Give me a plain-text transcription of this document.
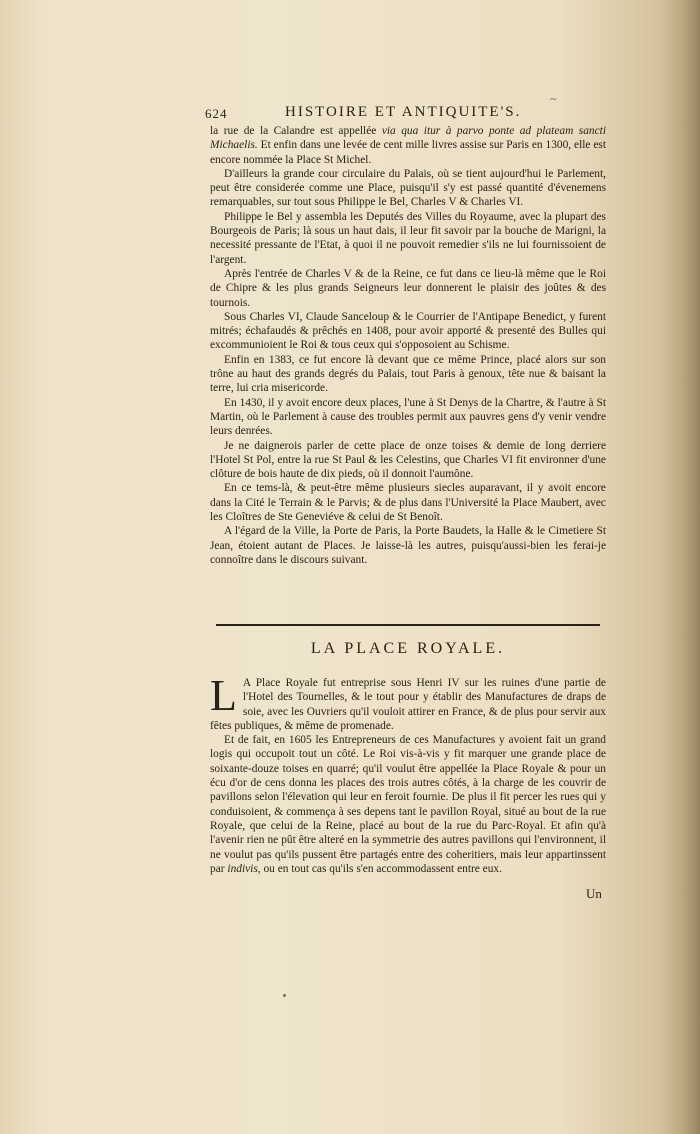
624	HISTOIRE ET ANTIQUITE'S.
~

la rue de la Calandre est appellée via qua itur à parvo ponte ad plateam sancti Michaelis. Et enfin dans une levée de cent mille livres assise sur Paris en 1300, elle est encore nommée la Place St Michel.

D'ailleurs la grande cour circulaire du Palais, où se tient aujourd'hui le Parlement, peut être considerée comme une Place, puisqu'il s'y est passé quantité d'évenemens remarquables, sur tout sous Philippe le Bel, Charles V & Charles VI.

Philippe le Bel y assembla les Deputés des Villes du Royaume, avec la plupart des Bourgeois de Paris; là sous un haut dais, il leur fit savoir par la bouche de Marigni, la necessité pressante de l'Etat, à quoi il ne pouvoit remedier s'ils ne lui fournissoient de l'argent.

Après l'entrée de Charles V & de la Reine, ce fut dans ce lieu-là même que le Roi de Chipre & les plus grands Seigneurs leur donnerent le plaisir des joûtes & des tournois.

Sous Charles VI, Claude Sanceloup & le Courrier de l'Antipape Benedict, y furent mitrés; échafaudés & prêchés en 1408, pour avoir apporté & presenté des Bulles qui excommunioient le Roi & tous ceux qui s'opposoient au Schisme.

Enfin en 1383, ce fut encore là devant que ce même Prince, placé alors sur son trône au haut des grands degrés du Palais, tout Paris à genoux, tête nue & baisant la terre, lui cria misericorde.

En 1430, il y avoit encore deux places, l'une à St Denys de la Chartre, & l'autre à St Martin, où le Parlement à cause des troubles permit aux pauvres gens d'y venir vendre leurs denrées.

Je ne daignerois parler de cette place de onze toises & demie de long derriere l'Hotel St Pol, entre la rue St Paul & les Celestins, que Charles VI fit environner d'une clôture de bois haute de dix pieds, où il donnoit l'aumône.

En ce tems-là, & peut-être même plusieurs siecles auparavant, il y avoit encore dans la Cité le Terrain & le Parvis; & de plus dans l'Université la Place Maubert, avec les Cloîtres de Ste Geneviéve & celui de St Benoît.

A l'égard de la Ville, la Porte de Paris, la Porte Baudets, la Halle & le Cimetiere St Jean, étoient autant de Places. Je laisse-là les autres, puisqu'aussi-bien les ferai-je connoître dans le discours suivant.

LA PLACE ROYALE.
L A Place Royale fut entreprise sous Henri IV sur les ruines d'une partie de l'Hotel des Tournelles, & le tout pour y établir des Manufactures de draps de soie, avec les Ouvriers qu'il vouloit attirer en France, & de plus pour servir aux fêtes publiques, & même de promenade.

Et de fait, en 1605 les Entrepreneurs de ces Manufactures y avoient fait un grand logis qui occupoit tout un côté. Le Roi vis-à-vis y fit marquer une grande place de soixante-douze toises en quarré; qu'il voulut être appellée la Place Royale & pour un écu d'or de cens donna les places des trois autres côtés, à la charge de les couvrir de pavillons selon l'élevation qui leur en feroit fournie. De plus il fit percer les rues qui y conduisoient, & commença à ses depens tant le pavillon Royal, situé au bout de la rue Royale, que celui de la Reine, placé au bout de la rue du Parc-Royal. Et afin qu'à l'avenir rien ne pût être alteré en la symmetrie des autres pavillons qui l'environnent, il ne voulut pas qu'ils pussent être partagés entre des coheritiers, mais leur appartinssent par indivis, ou en tout cas qu'ils s'en accommodassent entre eux.

Un
